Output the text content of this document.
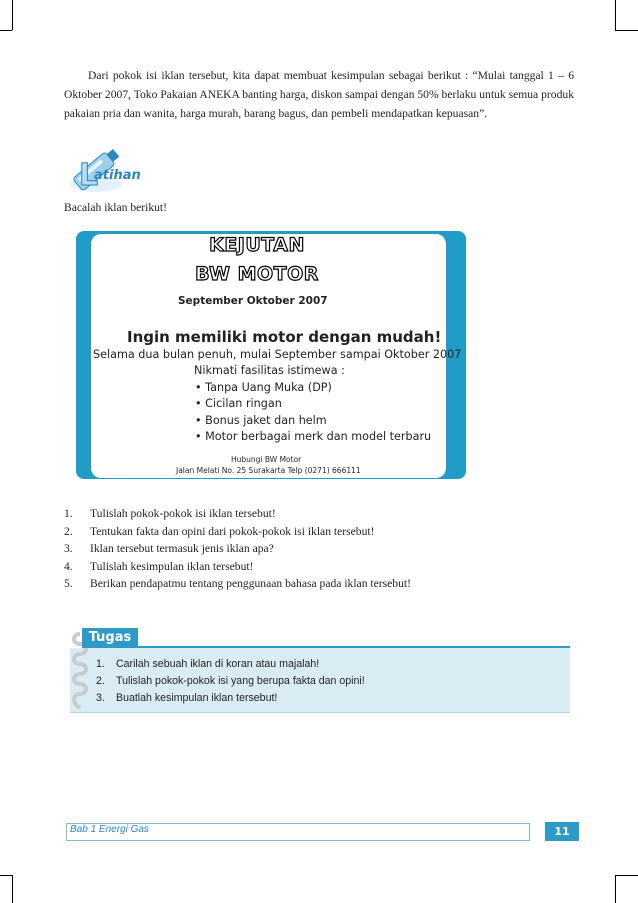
Dari pokok isi iklan tersebut, kita dapat membuat kesimpulan sebagai berikut : “Mulai tanggal 1 – 6 Oktober 2007, Toko Pakaian ANEKA banting harga, diskon sampai dengan 50% berlaku untuk semua produk pakaian pria dan wanita, harga murah, barang bagus, dan pembeli mendapatkan kepuasan”.

L
atihan
Bacalah iklan berikut!
KEJUTAN
BW MOTOR
September Oktober 2007
Ingin memiliki motor dengan mudah!
Selama dua bulan penuh, mulai September sampai Oktober 2007
Nikmati fasilitas istimewa :
• Tanpa Uang Muka (DP)
• Cicilan ringan
• Bonus jaket dan helm
• Motor berbagai merk dan model terbaru
Hubungi BW Motor
Jalan Melati No. 25 Surakarta Telp (0271) 666111
1. Tulislah pokok-pokok isi iklan tersebut!
2. Tentukan fakta dan opini dari pokok-pokok isi iklan tersebut!
3. Iklan tersebut termasuk jenis iklan apa?
4. Tulislah kesimpulan iklan tersebut!
5. Berikan pendapatmu tentang penggunaan bahasa pada iklan tersebut!
Tugas
1. Carilah sebuah iklan di koran atau majalah!
2. Tulislah pokok-pokok isi yang berupa fakta dan opini!
3. Buatlah kesimpulan iklan tersebut!
Bab 1 Energi Gas	11
